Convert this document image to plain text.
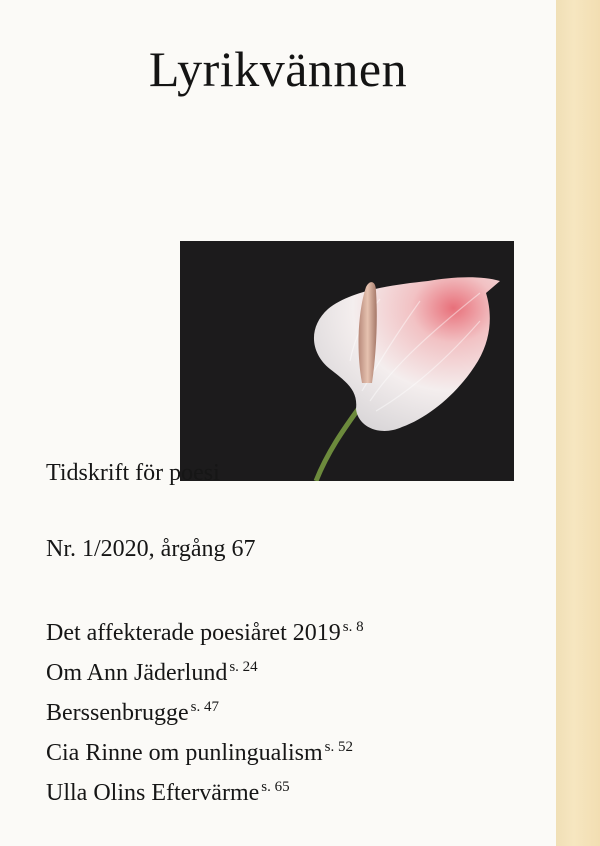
Lyrikvännen
Tidskrift för poesi
Nr. 1/2020, årgång 67
Det affekterade poesiåret 2019 $^{s. 8}$
Om Ann Jäderlund $^{s. 24}$
Berssenbrugge $^{s. 47}$
Cia Rinne om punlingualism $^{s. 52}$
Ulla Olins Eftervärme $^{s. 65}$
